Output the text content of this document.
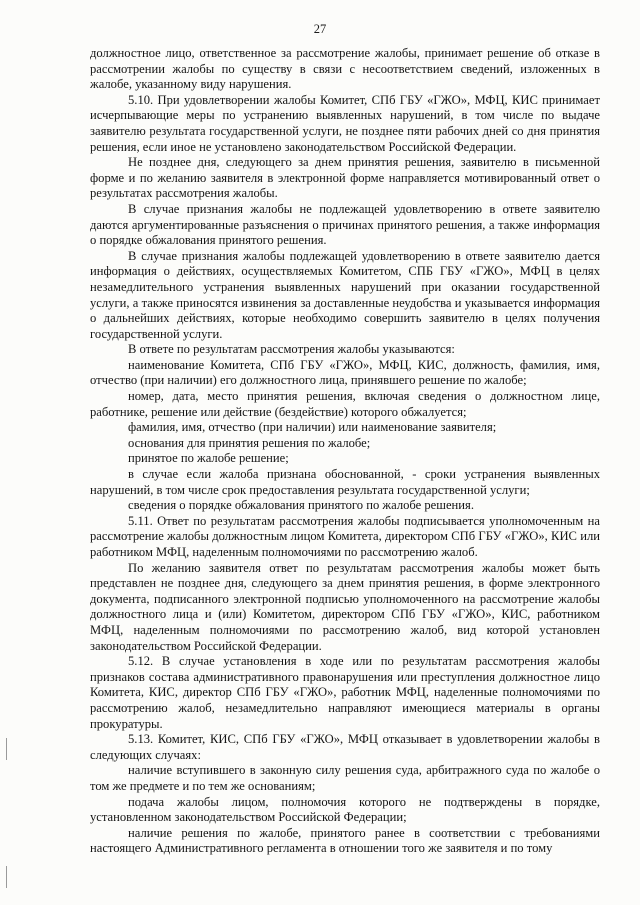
27

должностное лицо, ответственное за рассмотрение жалобы, принимает решение об отказе в рассмотрении жалобы по существу в связи с несоответствием сведений, изложенных в жалобе, указанному виду нарушения.

5.10. При удовлетворении жалобы Комитет, СПб ГБУ «ГЖО», МФЦ, КИС принимает исчерпывающие меры по устранению выявленных нарушений, в том числе по выдаче заявителю результата государственной услуги, не позднее пяти рабочих дней со дня принятия решения, если иное не установлено законодательством Российской Федерации.

Не позднее дня, следующего за днем принятия решения, заявителю в письменной форме и по желанию заявителя в электронной форме направляется мотивированный ответ о результатах рассмотрения жалобы.

В случае признания жалобы не подлежащей удовлетворению в ответе заявителю даются аргументированные разъяснения о причинах принятого решения, а также информация о порядке обжалования принятого решения.

В случае признания жалобы подлежащей удовлетворению в ответе заявителю дается информация о действиях, осуществляемых Комитетом, СПБ ГБУ «ГЖО», МФЦ в целях незамедлительного устранения выявленных нарушений при оказании государственной услуги, а также приносятся извинения за доставленные неудобства и указывается информация о дальнейших действиях, которые необходимо совершить заявителю в целях получения государственной услуги.

В ответе по результатам рассмотрения жалобы указываются:

наименование Комитета, СПб ГБУ «ГЖО», МФЦ, КИС, должность, фамилия, имя, отчество (при наличии) его должностного лица, принявшего решение по жалобе;

номер, дата, место принятия решения, включая сведения о должностном лице, работнике, решение или действие (бездействие) которого обжалуется;

фамилия, имя, отчество (при наличии) или наименование заявителя;

основания для принятия решения по жалобе;

принятое по жалобе решение;

в случае если жалоба признана обоснованной, - сроки устранения выявленных нарушений, в том числе срок предоставления результата государственной услуги;

сведения о порядке обжалования принятого по жалобе решения.

5.11. Ответ по результатам рассмотрения жалобы подписывается уполномоченным на рассмотрение жалобы должностным лицом Комитета, директором СПб ГБУ «ГЖО», КИС или работником МФЦ, наделенным полномочиями по рассмотрению жалоб.

По желанию заявителя ответ по результатам рассмотрения жалобы может быть представлен не позднее дня, следующего за днем принятия решения, в форме электронного документа, подписанного электронной подписью уполномоченного на рассмотрение жалобы должностного лица и (или) Комитетом, директором СПб ГБУ «ГЖО», КИС, работником МФЦ, наделенным полномочиями по рассмотрению жалоб, вид которой установлен законодательством Российской Федерации.

5.12. В случае установления в ходе или по результатам рассмотрения жалобы признаков состава административного правонарушения или преступления должностное лицо Комитета, КИС, директор СПб ГБУ «ГЖО», работник МФЦ, наделенные полномочиями по рассмотрению жалоб, незамедлительно направляют имеющиеся материалы в органы прокуратуры.

5.13. Комитет, КИС, СПб ГБУ «ГЖО», МФЦ отказывает в удовлетворении жалобы в следующих случаях:

наличие вступившего в законную силу решения суда, арбитражного суда по жалобе о том же предмете и по тем же основаниям;

подача жалобы лицом, полномочия которого не подтверждены в порядке, установленном законодательством Российской Федерации;

наличие решения по жалобе, принятого ранее в соответствии с требованиями настоящего Административного регламента в отношении того же заявителя и по тому
